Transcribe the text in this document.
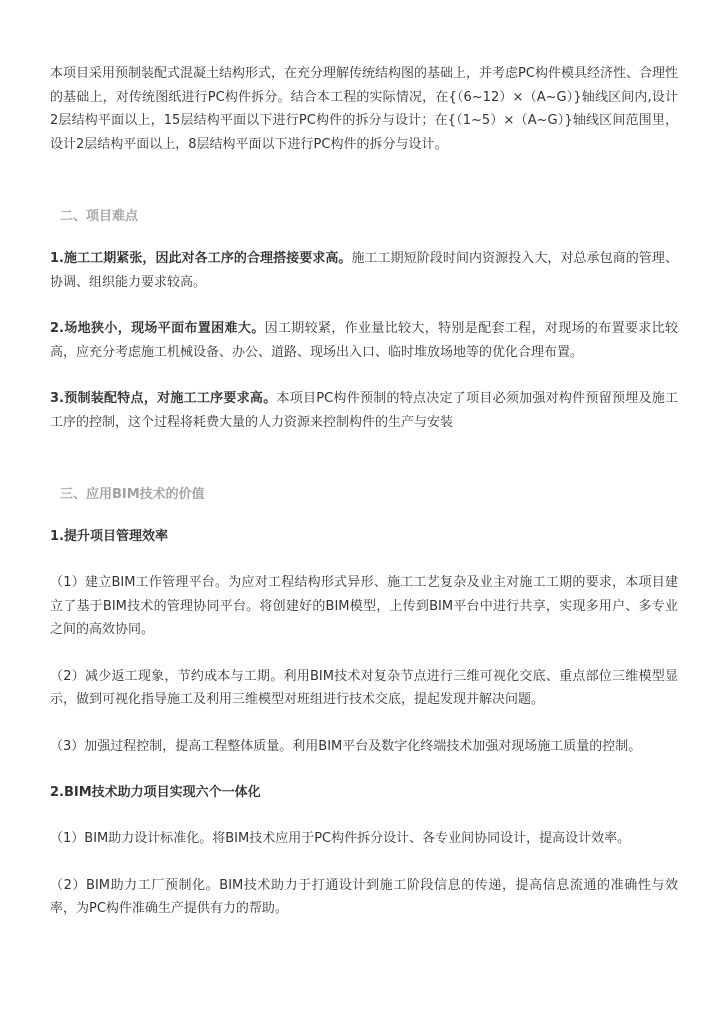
本项目采用预制装配式混凝土结构形式，在充分理解传统结构图的基础上，并考虑PC构件模具经济性、合理性的基础上，对传统图纸进行PC构件拆分。结合本工程的实际情况，在{（6~12）×（A~G）}轴线区间内,设计 2层结构平面以上，15层结构平面以下进行PC构件的拆分与设计；在{（1~5）×（A~G）}轴线区间范围里，设计2层结构平面以上，8层结构平面以下进行PC构件的拆分与设计。

二、项目难点

1.施工工期紧张，因此对各工序的合理搭接要求高。施工工期短阶段时间内资源投入大，对总承包商的管理、协调、组织能力要求较高。

2.场地狭小，现场平面布置困难大。因工期较紧，作业量比较大，特别是配套工程，对现场的布置要求比较高，应充分考虑施工机械设备、办公、道路、现场出入口、临时堆放场地等的优化合理布置。

3.预制装配特点，对施工工序要求高。本项目PC构件预制的特点决定了项目必须加强对构件预留预埋及施工工序的控制，这个过程将耗费大量的人力资源来控制构件的生产与安装

三、应用BIM技术的价值
1.提升项目管理效率

（1）建立BIM工作管理平台。为应对工程结构形式异形、施工工艺复杂及业主对施工工期的要求，本项目建立了基于BIM技术的管理协同平台。将创建好的BIM模型，上传到BIM平台中进行共享，实现多用户、多专业之间的高效协同。

（2）减少返工现象，节约成本与工期。利用BIM技术对复杂节点进行三维可视化交底、重点部位三维模型显示，做到可视化指导施工及利用三维模型对班组进行技术交底，提起发现并解决问题。

（3）加强过程控制，提高工程整体质量。利用BIM平台及数字化终端技术加强对现场施工质量的控制。

2.BIM技术助力项目实现六个一体化

（1）BIM助力设计标准化。将BIM技术应用于PC构件拆分设计、各专业间协同设计，提高设计效率。

（2）BIM助力工厂预制化。BIM技术助力于打通设计到施工阶段信息的传递，提高信息流通的准确性与效率，为PC构件准确生产提供有力的帮助。
